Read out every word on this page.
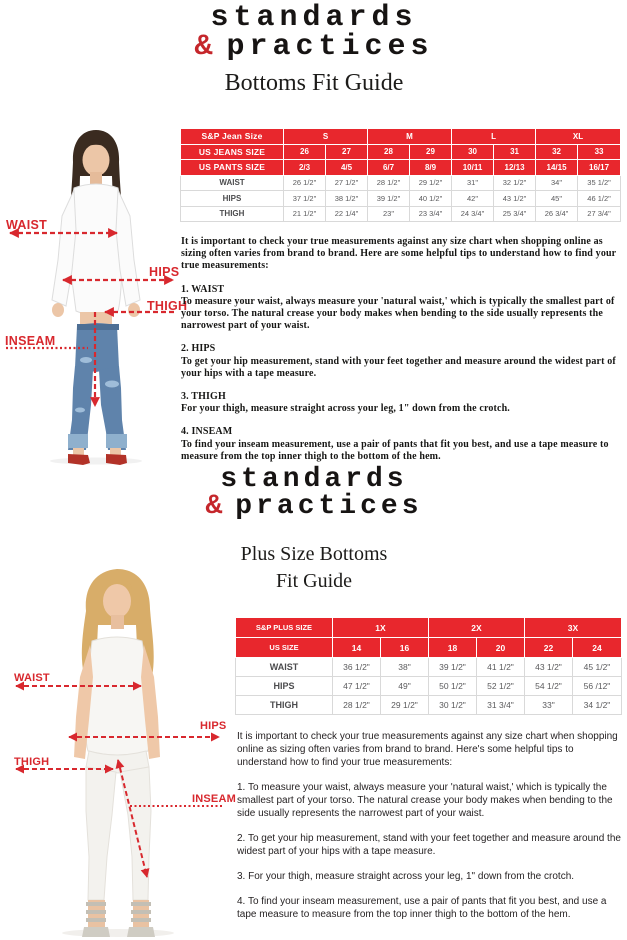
standards
& practices
Bottoms Fit Guide
WAIST
HIPS
THIGH
INSEAM
S&P Jean Size	S		M		L		XL	
US JEANS SIZE	26	27	28	29	30	31	32	33
US PANTS SIZE	2/3	4/5	6/7	8/9	10/11	12/13	14/15	16/17
WAIST	26 1/2"	27 1/2"	28 1/2"	29 1/2"	31"	32 1/2"	34"	35 1/2"
HIPS	37 1/2"	38 1/2"	39 1/2"	40 1/2"	42"	43 1/2"	45"	46 1/2"
THIGH	21 1/2"	22 1/4"	23"	23 3/4"	24 3/4"	25 3/4"	26 3/4"	27 3/4"

It is important to check your true measurements against any size chart when shopping online as sizing often varies from brand to brand. Here are some helpful tips to understand how to find your true measurements:

1. WAIST
To measure your waist, always measure your 'natural waist,' which is typically the smallest part of your torso. The natural crease your body makes when bending to the side usually represents the narrowest part of your waist.

2. HIPS
To get your hip measurement, stand with your feet together and measure around the widest part of your hips with a tape measure.

3. THIGH
For your thigh, measure straight across your leg, 1" down from the crotch.

4. INSEAM
To find your inseam measurement, use a pair of pants that fit you best, and use a tape measure to measure from the top inner thigh to the bottom of the hem.

standards
& practices
Plus Size Bottoms
Fit Guide
WAIST
HIPS
THIGH
INSEAM
S&P PLUS SIZE	1X		2X		3X	
US SIZE	14	16	18	20	22	24
WAIST	36 1/2"	38"	39 1/2"	41 1/2"	43 1/2"	45 1/2"
HIPS	47 1/2"	49"	50 1/2"	52 1/2"	54 1/2"	56 /12"
THIGH	28 1/2"	29 1/2"	30 1/2"	31 3/4"	33"	34 1/2"

It is important to check your true measurements against any size chart when shopping online as sizing often varies from brand to brand. Here's some helpful tips to understand how to find your true measurements:

1. To measure your waist, always measure your 'natural waist,' which is typically the smallest part of your torso. The natural crease your body makes when bending to the side usually represents the narrowest part of your waist.

2. To get your hip measurement, stand with your feet together and measure around the widest part of your hips with a tape measure.

3. For your thigh, measure straight across your leg, 1" down from the crotch.

4. To find your inseam measurement, use a pair of pants that fit you best, and use a tape measure to measure from the top inner thigh to the bottom of the hem.
